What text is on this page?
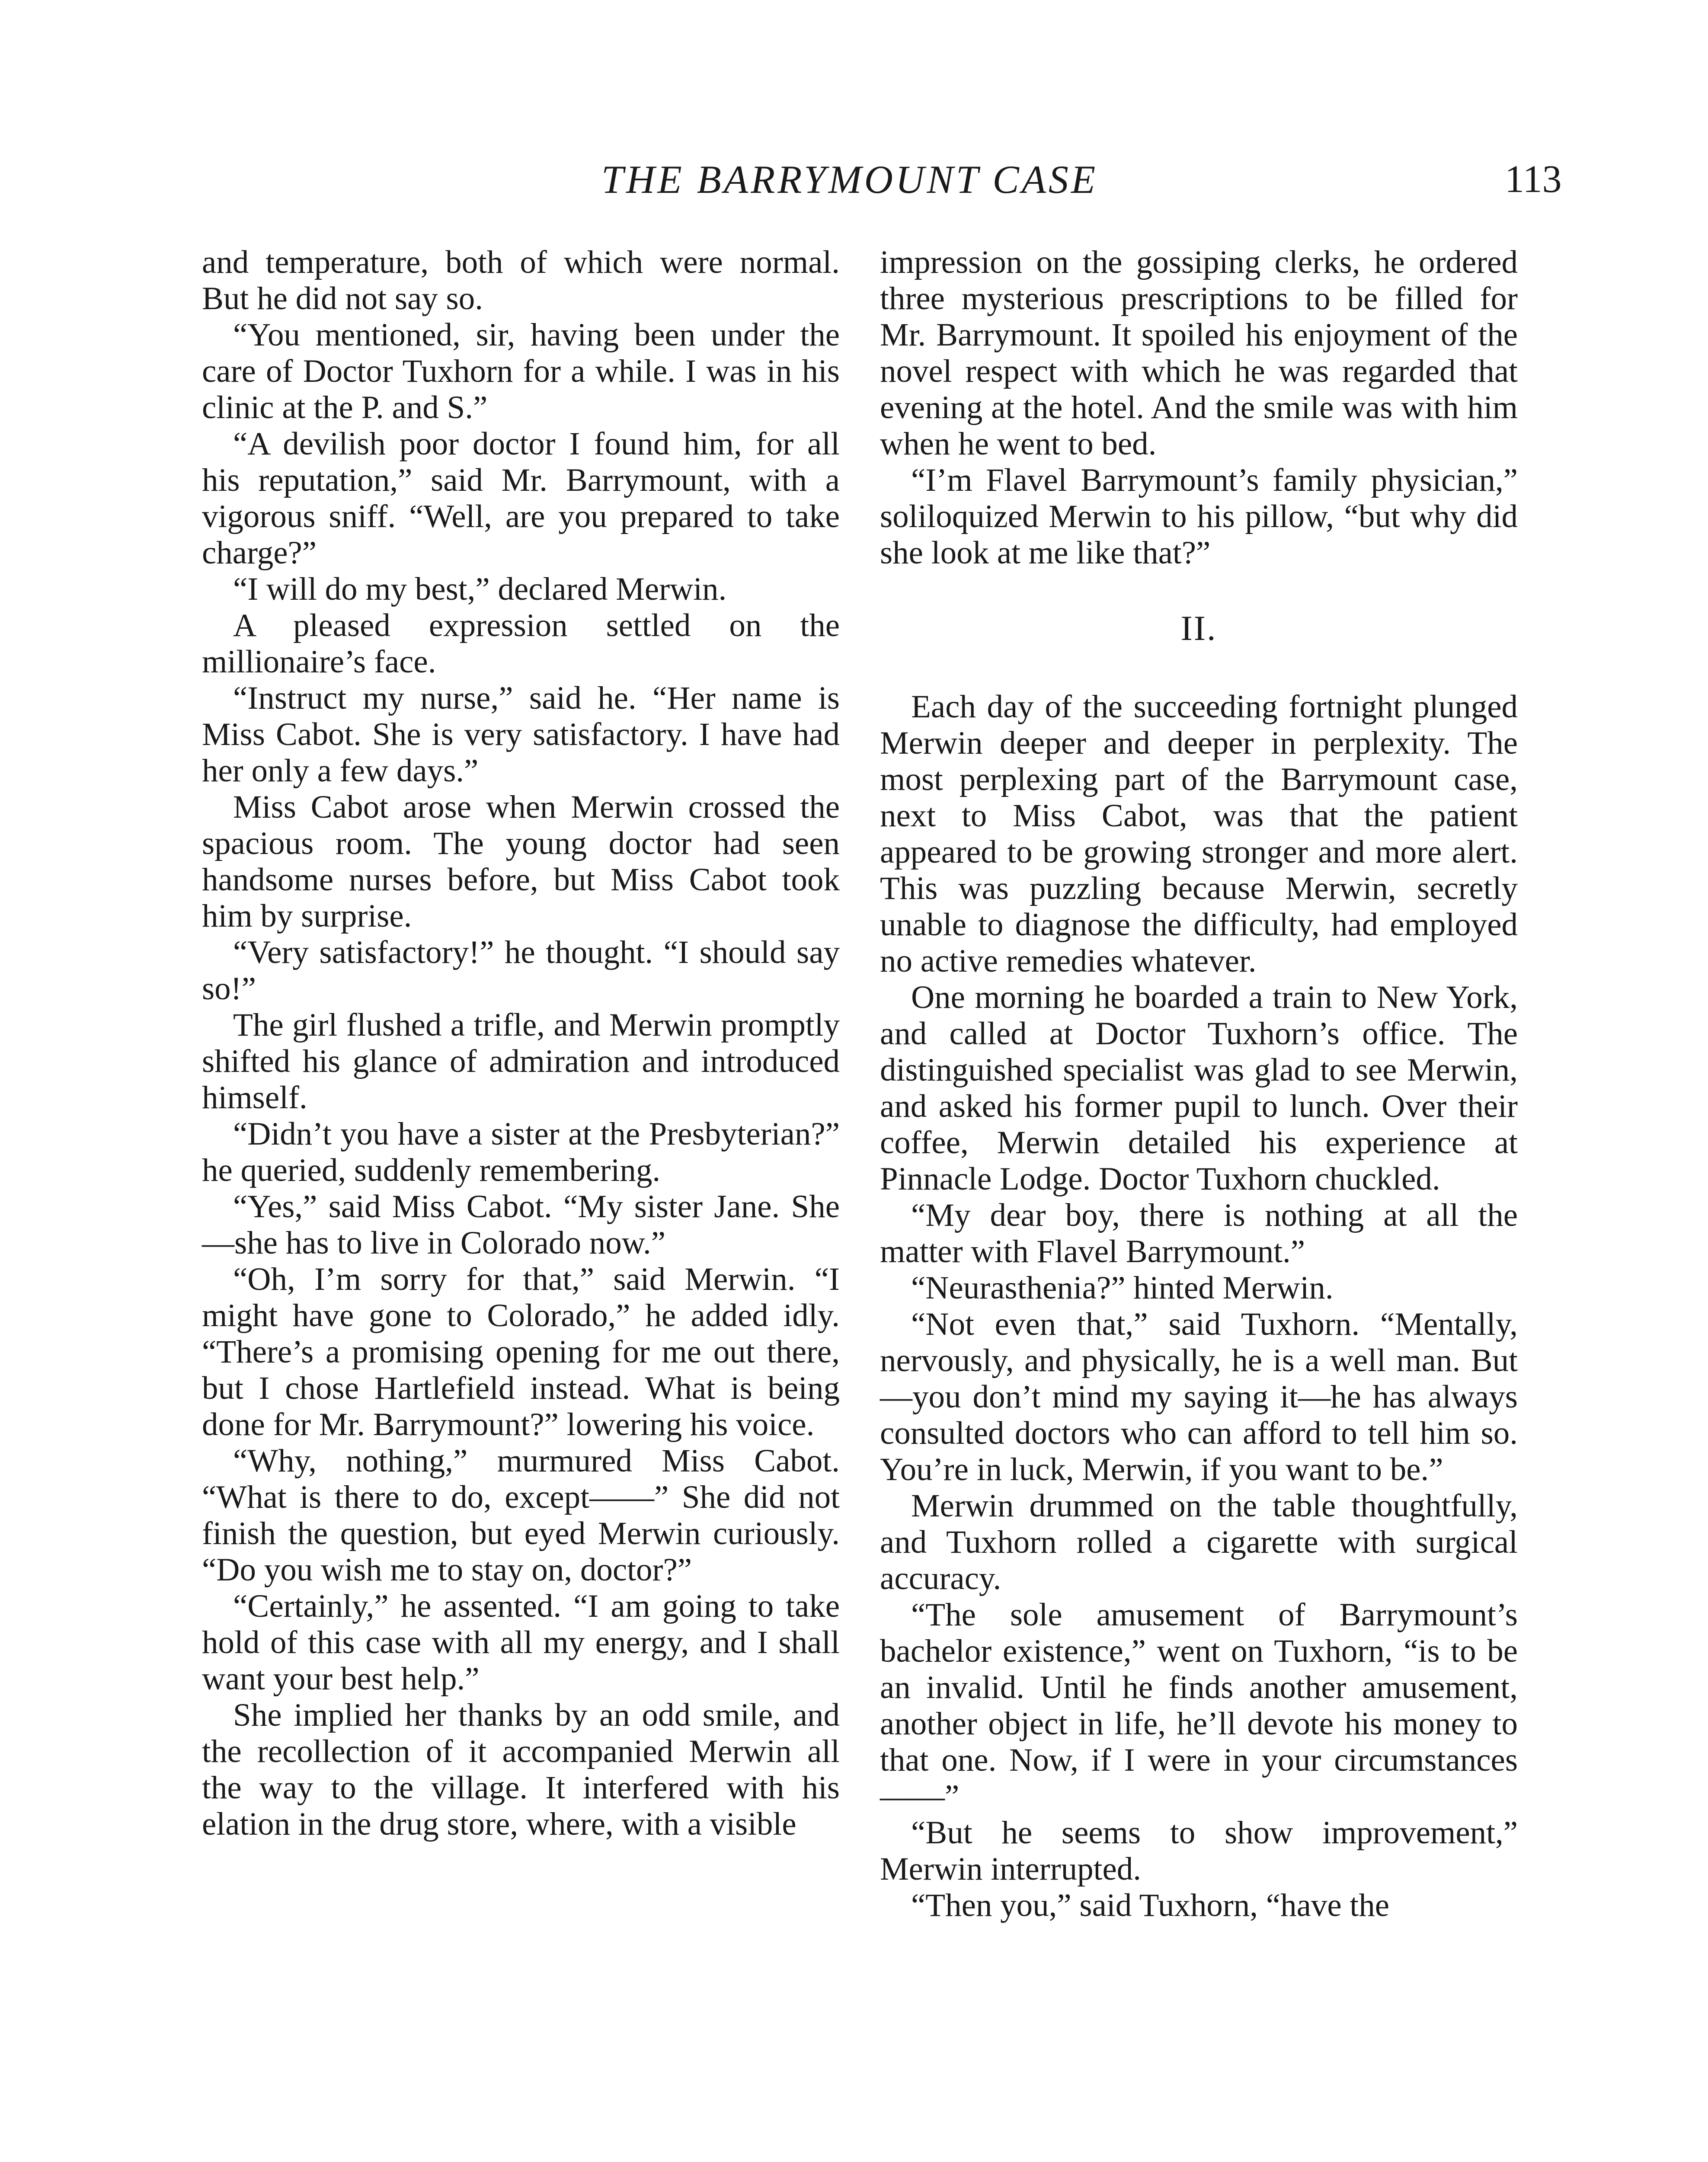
THE BARRYMOUNT CASE	113

and temperature, both of which were normal. But he did not say so.

“You mentioned, sir, having been under the care of Doctor Tuxhorn for a while. I was in his clinic at the P. and S.”

“A devilish poor doctor I found him, for all his reputation,” said Mr. Barrymount, with a vigorous sniff. “Well, are you prepared to take charge?”

“I will do my best,” declared Merwin.

A pleased expression settled on the millionaire’s face.

“Instruct my nurse,” said he. “Her name is Miss Cabot. She is very satisfactory. I have had her only a few days.”

Miss Cabot arose when Merwin crossed the spacious room. The young doctor had seen handsome nurses before, but Miss Cabot took him by surprise.

“Very satisfactory!” he thought. “I should say so!”

The girl flushed a trifle, and Merwin promptly shifted his glance of admiration and introduced himself.

“Didn’t you have a sister at the Presbyterian?” he queried, suddenly remembering.

“Yes,” said Miss Cabot. “My sister Jane. She—she has to live in Colorado now.”

“Oh, I’m sorry for that,” said Merwin. “I might have gone to Colorado,” he added idly. “There’s a promising opening for me out there, but I chose Hartlefield instead. What is being done for Mr. Barrymount?” lowering his voice.

“Why, nothing,” murmured Miss Cabot. “What is there to do, except——” She did not finish the question, but eyed Merwin curiously. “Do you wish me to stay on, doctor?”

“Certainly,” he assented. “I am going to take hold of this case with all my energy, and I shall want your best help.”

She implied her thanks by an odd smile, and the recollection of it accompanied Merwin all the way to the village. It interfered with his elation in the drug store, where, with a visible

impression on the gossiping clerks, he ordered three mysterious prescriptions to be filled for Mr. Barrymount. It spoiled his enjoyment of the novel respect with which he was regarded that evening at the hotel. And the smile was with him when he went to bed.

“I’m Flavel Barrymount’s family physician,” soliloquized Merwin to his pillow, “but why did she look at me like that?”

II.

Each day of the succeeding fortnight plunged Merwin deeper and deeper in perplexity. The most perplexing part of the Barrymount case, next to Miss Cabot, was that the patient appeared to be growing stronger and more alert. This was puzzling because Merwin, secretly unable to diagnose the difficulty, had employed no active remedies whatever.

One morning he boarded a train to New York, and called at Doctor Tuxhorn’s office. The distinguished specialist was glad to see Merwin, and asked his former pupil to lunch. Over their coffee, Merwin detailed his experience at Pinnacle Lodge. Doctor Tuxhorn chuckled.

“My dear boy, there is nothing at all the matter with Flavel Barrymount.”

“Neurasthenia?” hinted Merwin.

“Not even that,” said Tuxhorn. “Mentally, nervously, and physically, he is a well man. But—you don’t mind my saying it—he has always consulted doctors who can afford to tell him so. You’re in luck, Merwin, if you want to be.”

Merwin drummed on the table thoughtfully, and Tuxhorn rolled a cigarette with surgical accuracy.

“The sole amusement of Barrymount’s bachelor existence,” went on Tuxhorn, “is to be an invalid. Until he finds another amusement, another object in life, he’ll devote his money to that one. Now, if I were in your circumstances——”

“But he seems to show improvement,” Merwin interrupted.

“Then you,” said Tuxhorn, “have the
